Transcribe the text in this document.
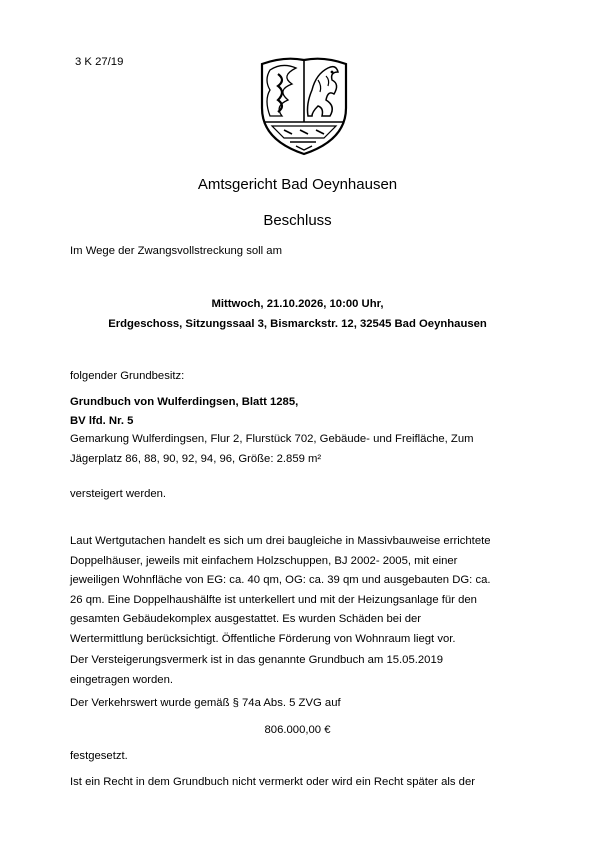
3 K 27/19
Amtsgericht Bad Oeynhausen
Beschluss
Im Wege der Zwangsvollstreckung soll am
Mittwoch, 21.10.2026, 10:00 Uhr,
Erdgeschoss, Sitzungssaal 3, Bismarckstr. 12, 32545 Bad Oeynhausen
folgender Grundbesitz:
Grundbuch von Wulferdingsen, Blatt 1285,
BV lfd. Nr. 5
Gemarkung Wulferdingsen, Flur 2, Flurstück 702, Gebäude- und Freifläche, Zum
Jägerplatz 86, 88, 90, 92, 94, 96, Größe: 2.859 m²
versteigert werden.
Laut Wertgutachen handelt es sich um drei baugleiche in Massivbauweise errichtete
Doppelhäuser, jeweils mit einfachem Holzschuppen, BJ 2002- 2005, mit einer
jeweiligen Wohnfläche von EG: ca. 40 qm, OG: ca. 39 qm und ausgebauten DG: ca.
26 qm. Eine Doppelhaushälfte ist unterkellert und mit der Heizungsanlage für den
gesamten Gebäudekomplex ausgestattet. Es wurden Schäden bei der
Wertermittlung berücksichtigt. Öffentliche Förderung von Wohnraum liegt vor.
Der Versteigerungsvermerk ist in das genannte Grundbuch am 15.05.2019
eingetragen worden.
Der Verkehrswert wurde gemäß § 74a Abs. 5 ZVG auf
806.000,00 €
festgesetzt.
Ist ein Recht in dem Grundbuch nicht vermerkt oder wird ein Recht später als der
